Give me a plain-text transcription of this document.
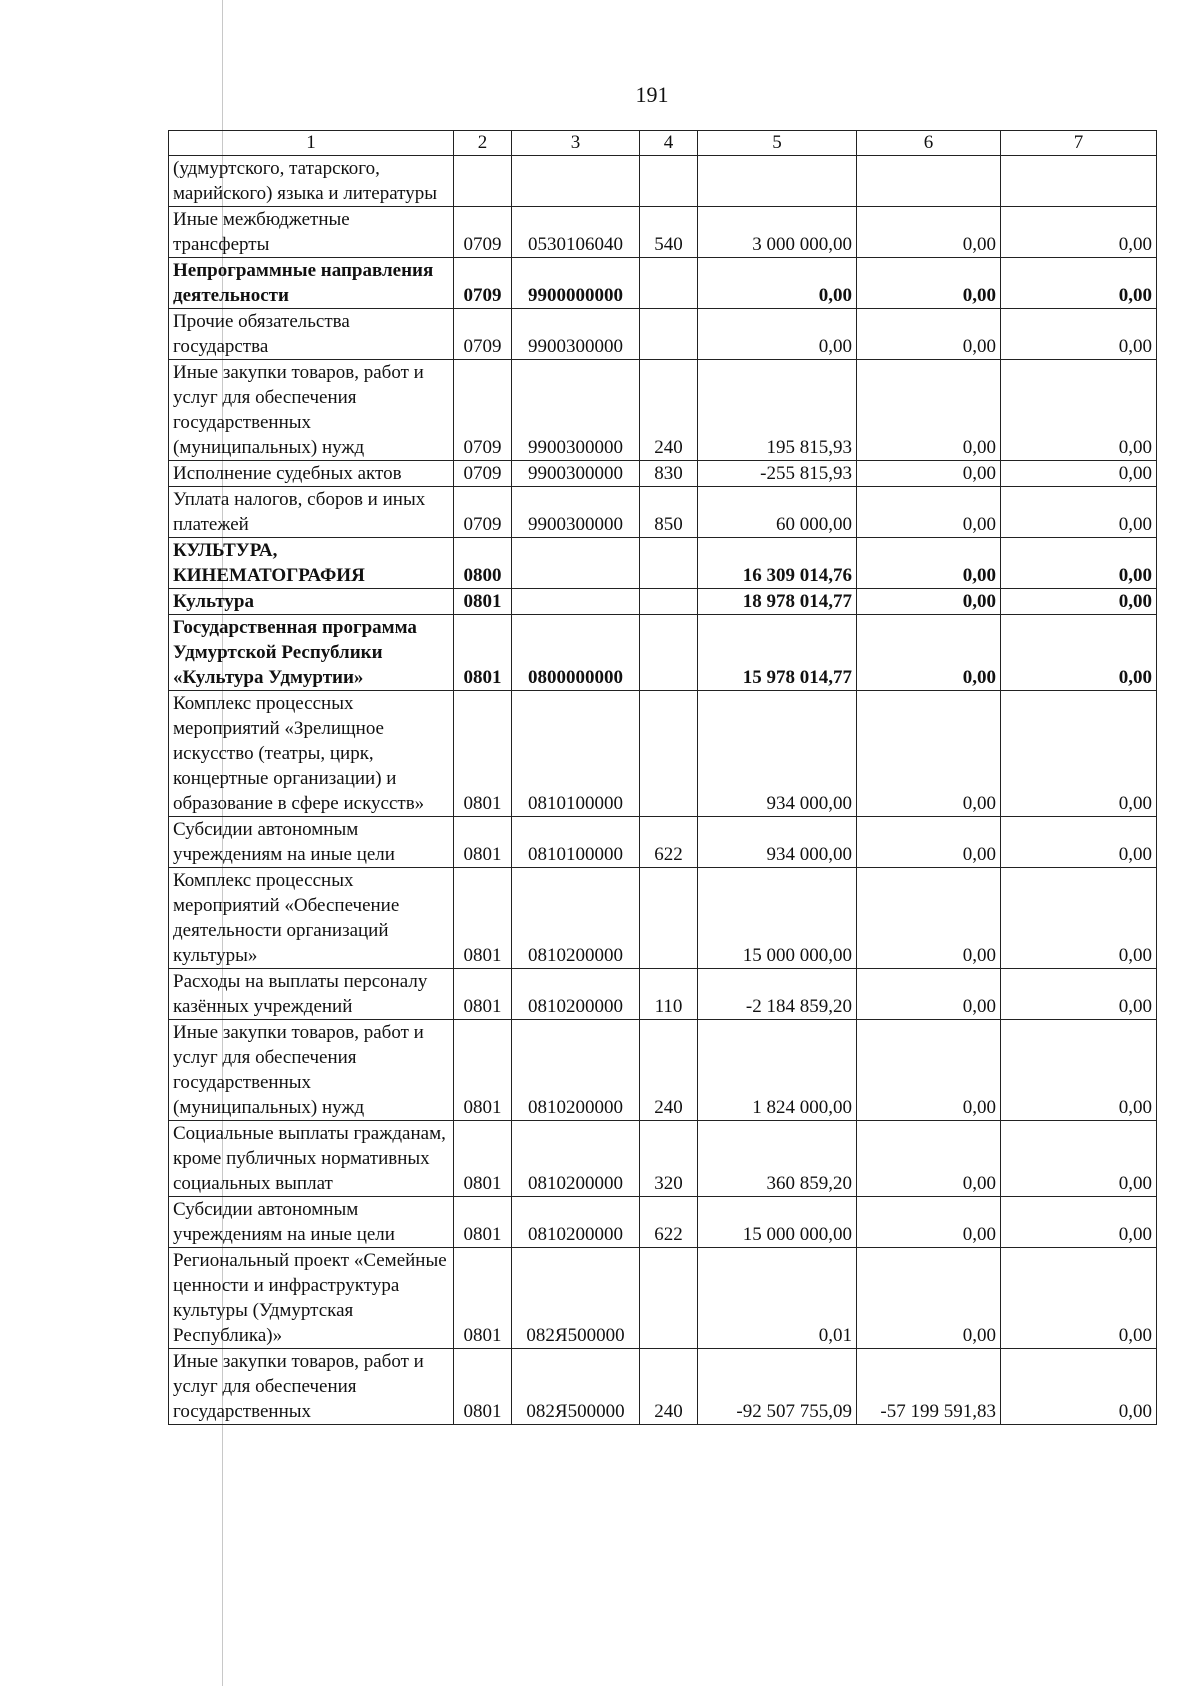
191
1	2	3	4	5	6	7
(удмуртского, татарского, марийского) языка и литературы						
Иные межбюджетные трансферты	0709	0530106040	540	3 000 000,00	0,00	0,00
Непрограммные направления деятельности	0709	9900000000		0,00	0,00	0,00
Прочие обязательства государства	0709	9900300000		0,00	0,00	0,00
Иные закупки товаров, работ и услуг для обеспечения государственных (муниципальных) нужд	0709	9900300000	240	195 815,93	0,00	0,00
Исполнение судебных актов	0709	9900300000	830	-255 815,93	0,00	0,00
Уплата налогов, сборов и иных платежей	0709	9900300000	850	60 000,00	0,00	0,00
КУЛЬТУРА, КИНЕМАТОГРАФИЯ	0800			16 309 014,76	0,00	0,00
Культура	0801			18 978 014,77	0,00	0,00
Государственная программа Удмуртской Республики «Культура Удмуртии»	0801	0800000000		15 978 014,77	0,00	0,00
Комплекс процессных мероприятий «Зрелищное искусство (театры, цирк, концертные организации) и образование в сфере искусств»	0801	0810100000		934 000,00	0,00	0,00
Субсидии автономным учреждениям на иные цели	0801	0810100000	622	934 000,00	0,00	0,00
Комплекс процессных мероприятий «Обеспечение деятельности организаций культуры»	0801	0810200000		15 000 000,00	0,00	0,00
Расходы на выплаты персоналу казённых учреждений	0801	0810200000	110	-2 184 859,20	0,00	0,00
Иные закупки товаров, работ и услуг для обеспечения государственных (муниципальных) нужд	0801	0810200000	240	1 824 000,00	0,00	0,00
Социальные выплаты гражданам, кроме публичных нормативных социальных выплат	0801	0810200000	320	360 859,20	0,00	0,00
Субсидии автономным учреждениям на иные цели	0801	0810200000	622	15 000 000,00	0,00	0,00
Региональный проект «Семейные ценности и инфраструктура культуры (Удмуртская Республика)»	0801	082Я500000		0,01	0,00	0,00
Иные закупки товаров, работ и услуг для обеспечения государственных	0801	082Я500000	240	-92 507 755,09	-57 199 591,83	0,00
